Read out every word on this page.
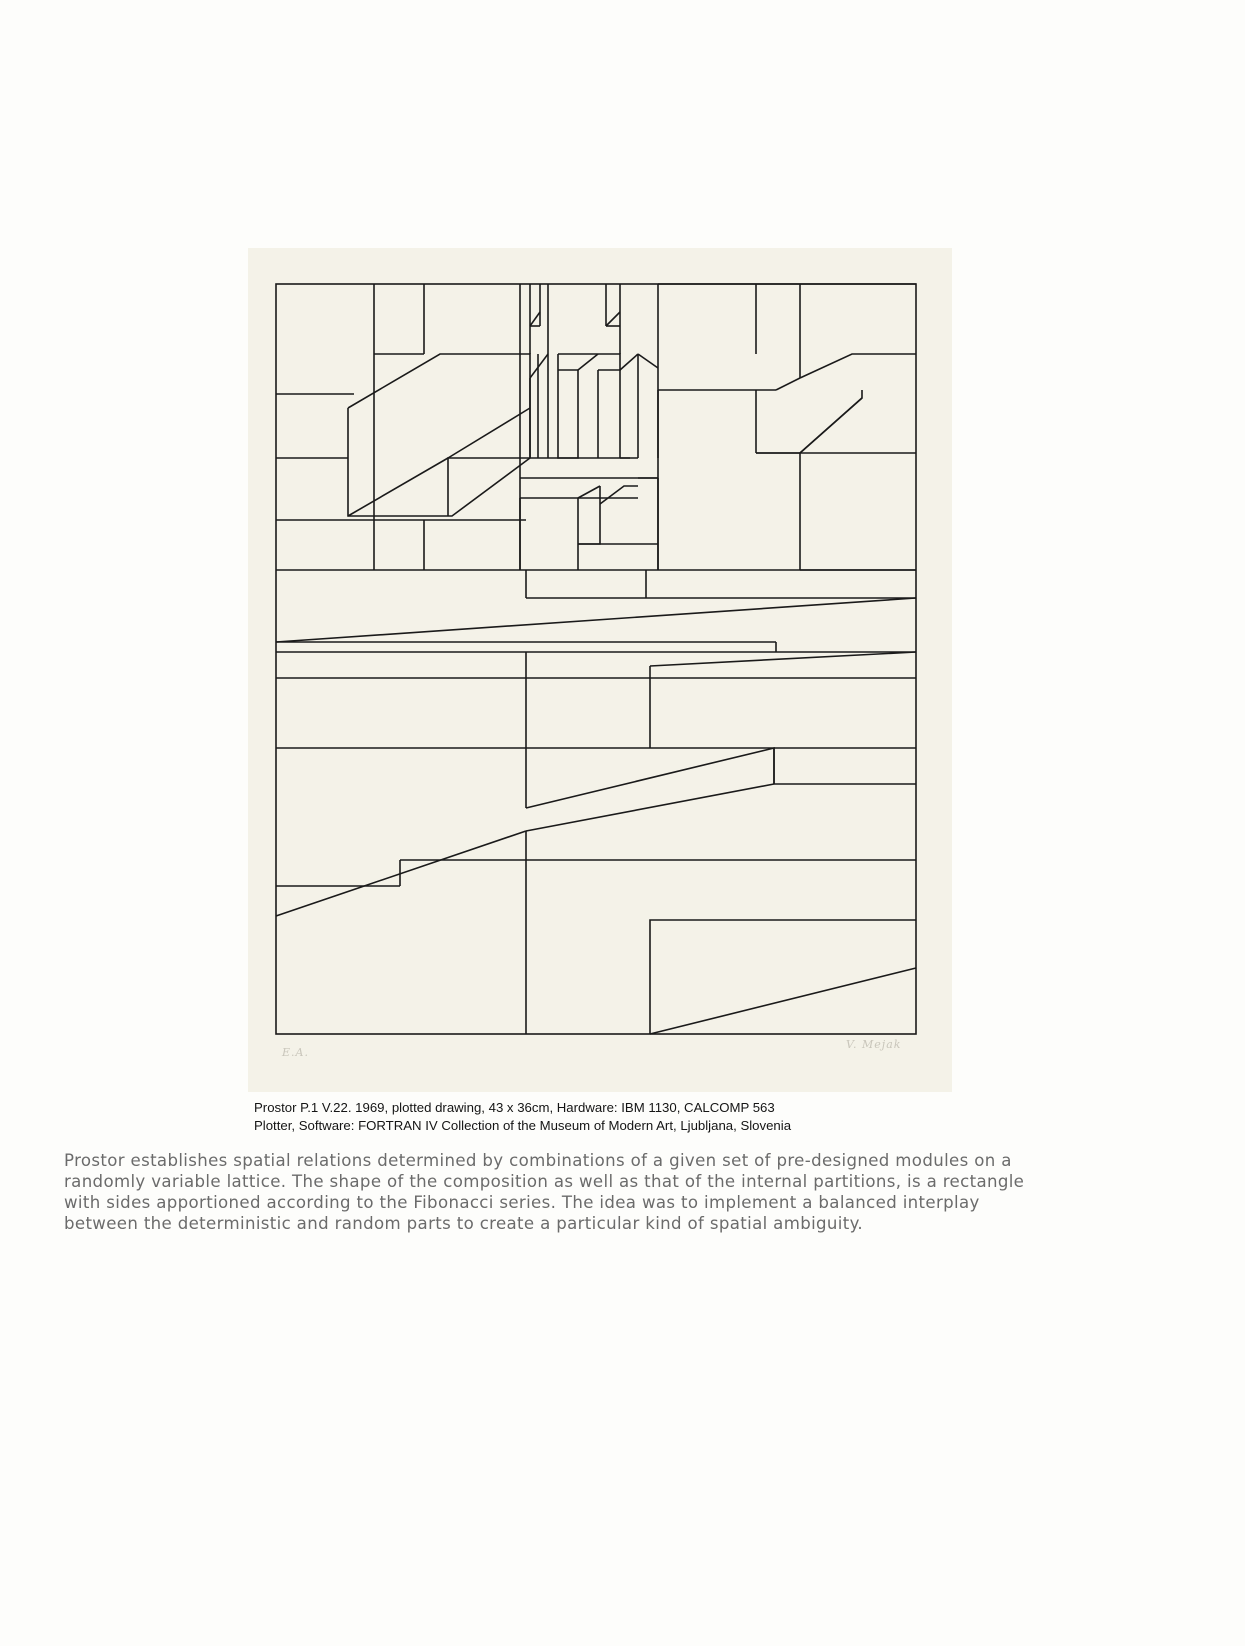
E.A.
V. Mejak
Prostor P.1 V.22. 1969, plotted drawing, 43 x 36cm, Hardware: IBM 1130, CALCOMP 563
Plotter, Software: FORTRAN IV Collection of the Museum of Modern Art, Ljubljana, Slovenia
Prostor establishes spatial relations determined by combinations of a given set of pre-designed modules on a
randomly variable lattice. The shape of the composition as well as that of the internal partitions, is a rectangle
with sides apportioned according to the Fibonacci series. The idea was to implement a balanced interplay
between the deterministic and random parts to create a particular kind of spatial ambiguity.
